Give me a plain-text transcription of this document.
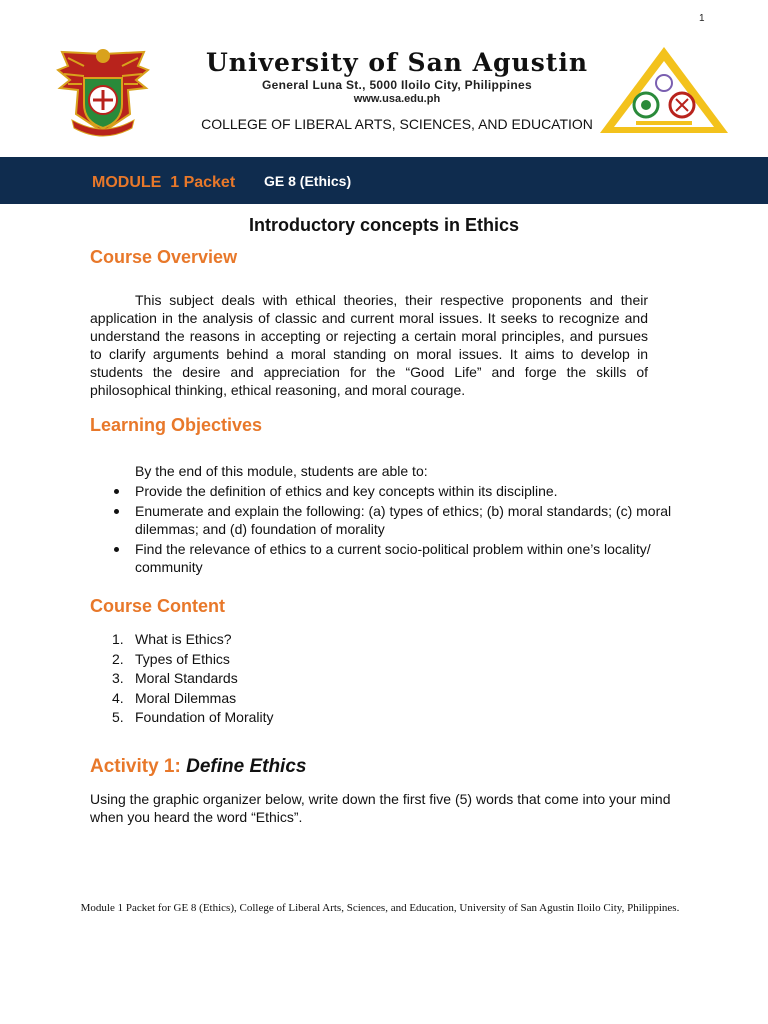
1
University of San Agustin
General Luna St., 5000 Iloilo City, Philippines
www.usa.edu.ph
COLLEGE OF LIBERAL ARTS, SCIENCES, AND EDUCATION
MODULE  1 Packet GE 8 (Ethics)
Introductory concepts in Ethics
Course Overview
This subject deals with ethical theories, their respective proponents and their application in the analysis of classic and current moral issues. It seeks to recognize and understand the reasons in accepting or rejecting a certain moral principles, and pursues to clarify arguments behind a moral standing on moral issues. It aims to develop in students the desire and appreciation for the “Good Life” and forge the skills of philosophical thinking, ethical reasoning, and moral courage.
Learning Objectives
By the end of this module, students are able to:
Provide the definition of ethics and key concepts within its discipline.
Enumerate and explain the following: (a) types of ethics; (b) moral standards; (c) moral dilemmas; and (d) foundation of morality
Find the relevance of ethics to a current socio-political problem within one’s locality/ community
Course Content
1. What is Ethics?
2. Types of Ethics
3. Moral Standards
4. Moral Dilemmas
5. Foundation of Morality
Activity 1: Define Ethics
Using the graphic organizer below, write down the first five (5) words that come into your mind when you heard the word “Ethics”.
Module 1 Packet for GE 8 (Ethics), College of Liberal Arts, Sciences, and Education, University of San Agustin Iloilo City, Philippines.
